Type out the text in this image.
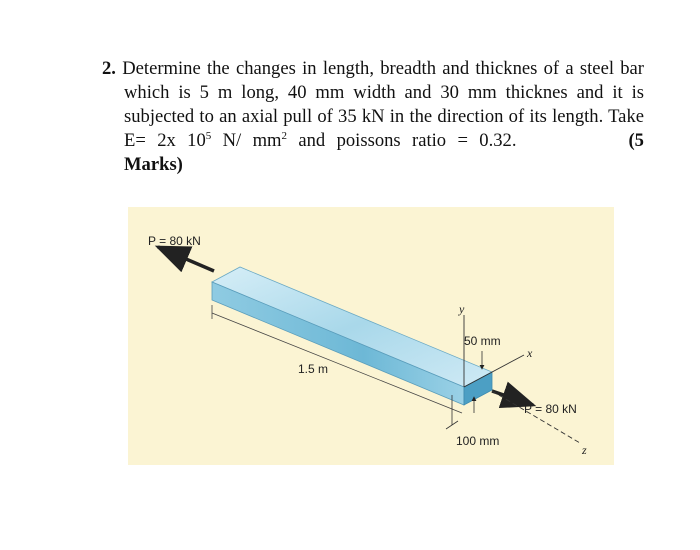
2. Determine the changes in length, breadth and thicknes of a steel bar which is 5 m long, 40 mm width and 30 mm thicknes and it is subjected to an axial pull of 35 kN in the direction of its length. Take E= 2x $10^5$ N/ $mm^2$ and poissons ratio = 0.32.	(5 Marks)
P = 80 kN
1.5 m
y
50 mm
x
100 mm
P = 80 kN
z
